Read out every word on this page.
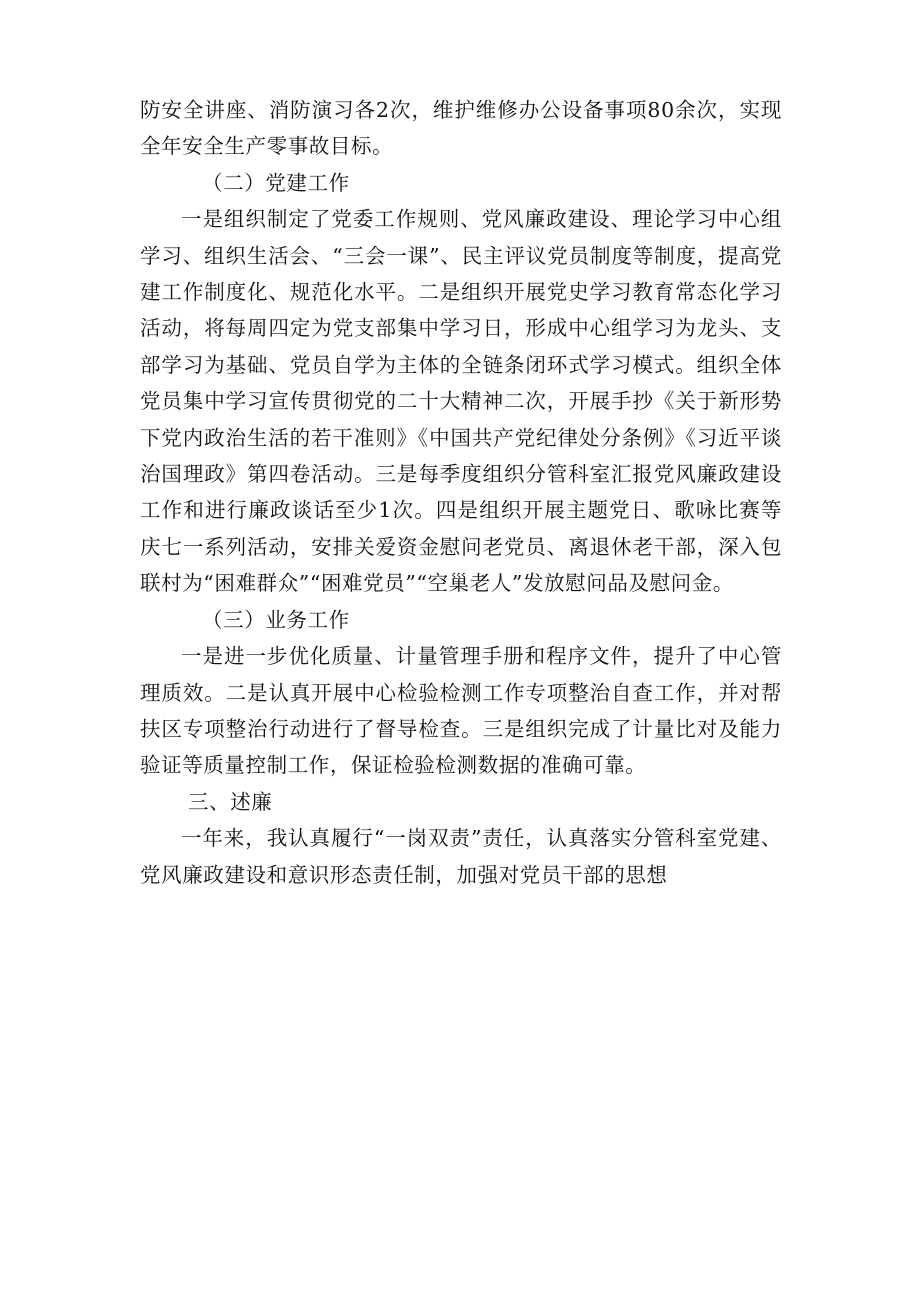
防安全讲座、消防演习各2次，维护维修办公设备事项80余次，实现全年安全生产零事故目标。

（二）党建工作

一是组织制定了党委工作规则、党风廉政建设、理论学习中心组学习、组织生活会、“三会一课”、民主评议党员制度等制度，提高党建工作制度化、规范化水平。二是组织开展党史学习教育常态化学习活动，将每周四定为党支部集中学习日，形成中心组学习为龙头、支部学习为基础、党员自学为主体的全链条闭环式学习模式。组织全体党员集中学习宣传贯彻党的二十大精神二次，开展手抄《关于新形势下党内政治生活的若干准则》《中国共产党纪律处分条例》《习近平谈治国理政》第四卷活动。三是每季度组织分管科室汇报党风廉政建设工作和进行廉政谈话至少1次。四是组织开展主题党日、歌咏比赛等庆七一系列活动，安排关爱资金慰问老党员、离退休老干部，深入包联村为“困难群众”“困难党员”“空巢老人”发放慰问品及慰问金。

（三）业务工作

一是进一步优化质量、计量管理手册和程序文件，提升了中心管理质效。二是认真开展中心检验检测工作专项整治自查工作，并对帮扶区专项整治行动进行了督导检查。三是组织完成了计量比对及能力验证等质量控制工作，保证检验检测数据的准确可靠。

三、述廉

一年来，我认真履行“一岗双责”责任，认真落实分管科室党建、党风廉政建设和意识形态责任制，加强对党员干部的思想
